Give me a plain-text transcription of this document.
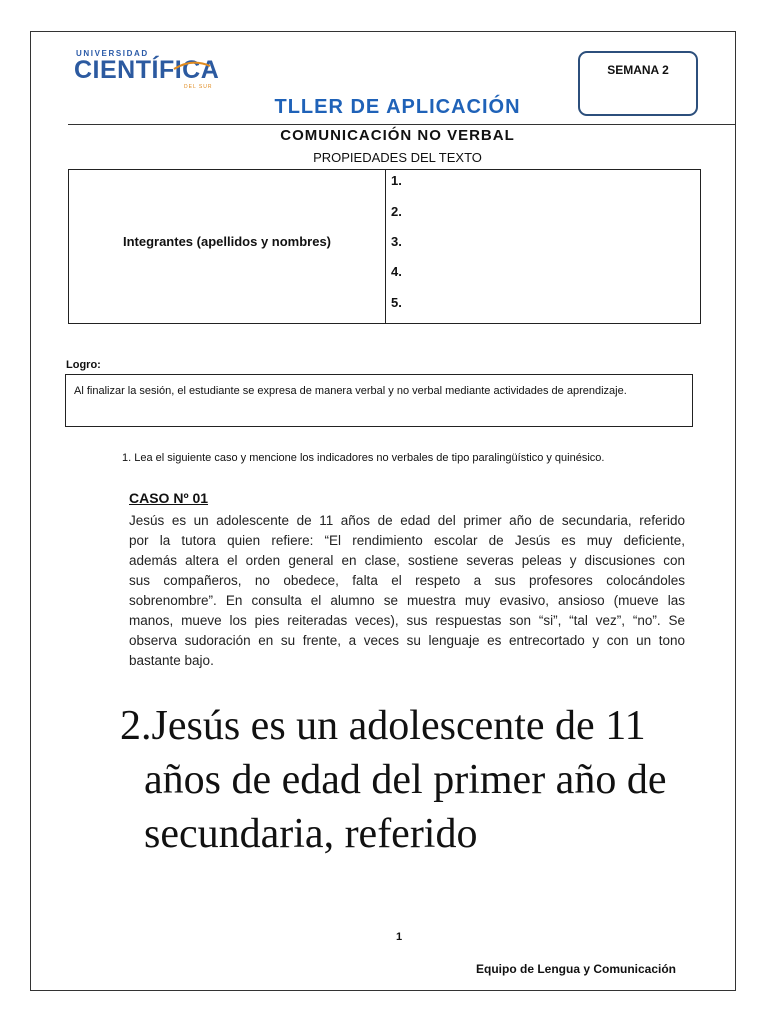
UNIVERSIDAD
CIENTÍFICA
DEL SUR
SEMANA 2
TLLER DE APLICACIÓN
COMUNICACIÓN NO VERBAL
PROPIEDADES DEL TEXTO
Integrantes (apellidos y nombres)
1.
2.
3.
4.
5.
Logro:
Al finalizar la sesión, el estudiante se expresa de manera verbal y no verbal mediante actividades de aprendizaje.
1. Lea el siguiente caso y mencione los indicadores no verbales de tipo paralingüístico y quinésico.
CASO Nº 01
Jesús es un adolescente de 11 años de edad del primer año de secundaria, referido
por la tutora quien refiere: “El rendimiento escolar de Jesús es muy deficiente,
además altera el orden general en clase, sostiene severas peleas y discusiones con
sus compañeros, no obedece, falta el respeto a sus profesores colocándoles
sobrenombre”. En consulta el alumno se muestra muy evasivo, ansioso (mueve las
manos, mueve los pies reiteradas veces), sus respuestas son “si”, “tal vez”, “no”. Se
observa sudoración en su frente, a veces su lenguaje es entrecortado y con un tono
bastante bajo.
2.Jesús es un adolescente de 11
años de edad del primer año de
secundaria, referido
1
Equipo de Lengua y Comunicación
